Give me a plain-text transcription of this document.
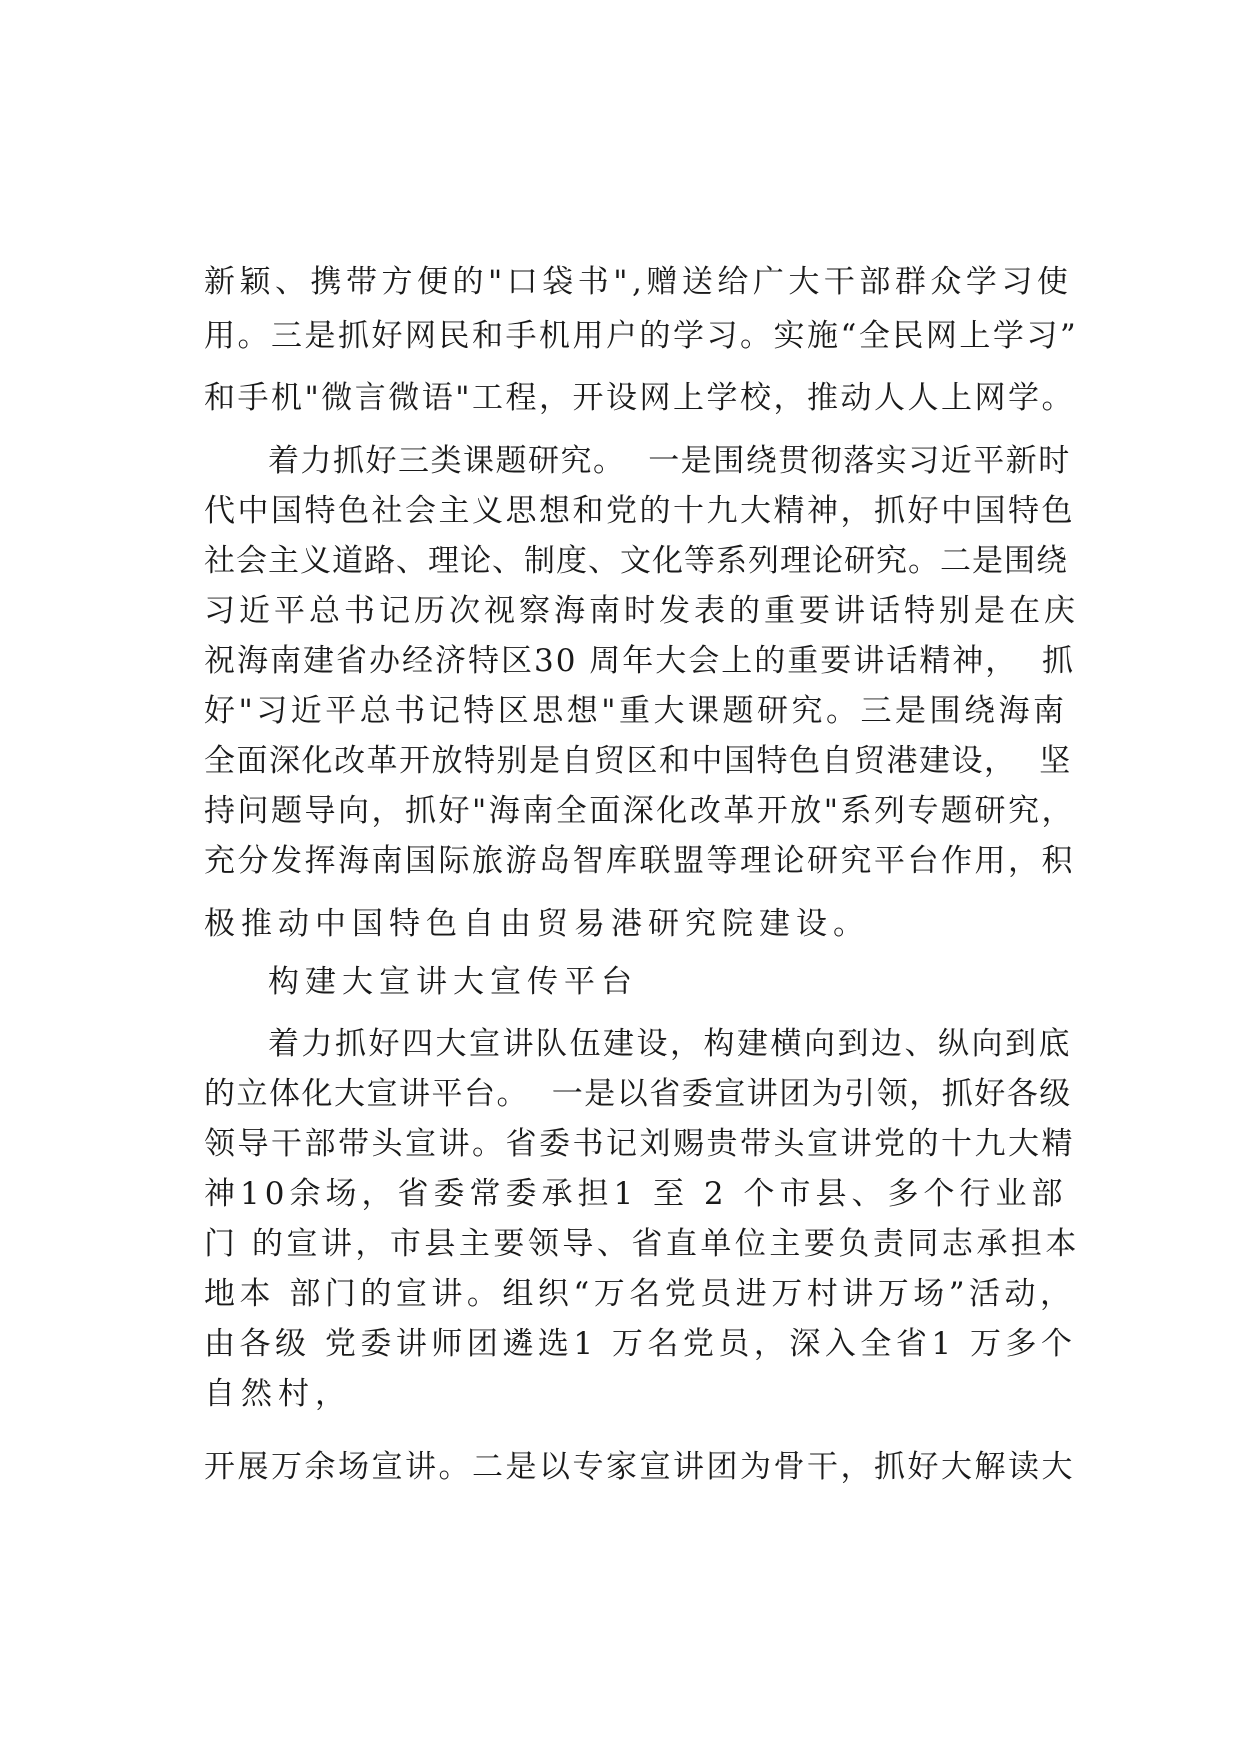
新颖、携带方便的"口袋书",赠送给广大干部群众学习使
用。三是抓好网民和手机用户的学习。实施“全民网上学习”
和手机"微言微语"工程，开设网上学校，推动人人上网学。
着力抓好三类课题研究。  一是围绕贯彻落实习近平新时
代中国特色社会主义思想和党的十九大精神，抓好中国特色
社会主义道路、理论、制度、文化等系列理论研究。二是围绕
习近平总书记历次视察海南时发表的重要讲话特别是在庆
祝海南建省办经济特区30 周年大会上的重要讲话精神，  抓
好"习近平总书记特区思想"重大课题研究。三是围绕海南
全面深化改革开放特别是自贸区和中国特色自贸港建设，  坚
持问题导向，抓好"海南全面深化改革开放"系列专题研究，
充分发挥海南国际旅游岛智库联盟等理论研究平台作用，积
极推动中国特色自由贸易港研究院建设。
构建大宣讲大宣传平台
着力抓好四大宣讲队伍建设，构建横向到边、纵向到底
的立体化大宣讲平台。  一是以省委宣讲团为引领，抓好各级
领导干部带头宣讲。省委书记刘赐贵带头宣讲党的十九大精
神10余场，省委常委承担1 至 2 个市县、多个行业部
门 的宣讲，市县主要领导、省直单位主要负责同志承担本
地本 部门的宣讲。组织“万名党员进万村讲万场”活动，
由各级 党委讲师团遴选1 万名党员，深入全省1 万多个
自然村，
开展万余场宣讲。二是以专家宣讲团为骨干，抓好大解读大
